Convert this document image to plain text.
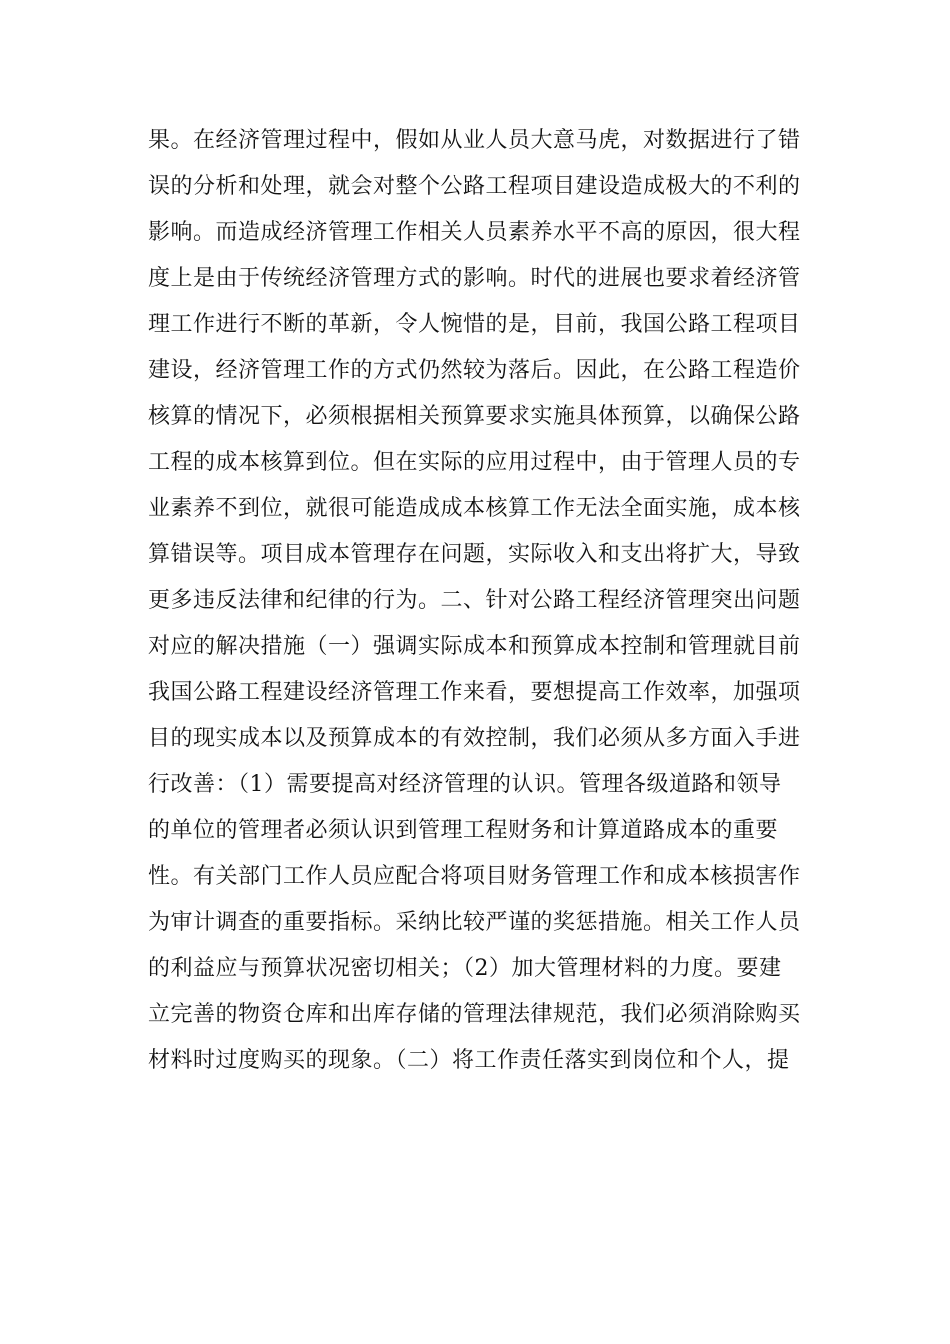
果。在经济管理过程中，假如从业人员大意马虎，对数据进行了错
误的分析和处理，就会对整个公路工程项目建设造成极大的不利的
影响。而造成经济管理工作相关人员素养水平不高的原因，很大程
度上是由于传统经济管理方式的影响。时代的进展也要求着经济管
理工作进行不断的革新，令人惋惜的是，目前，我国公路工程项目
建设，经济管理工作的方式仍然较为落后。因此，在公路工程造价
核算的情况下，必须根据相关预算要求实施具体预算，以确保公路
工程的成本核算到位。但在实际的应用过程中，由于管理人员的专
业素养不到位，就很可能造成成本核算工作无法全面实施，成本核
算错误等。项目成本管理存在问题，实际收入和支出将扩大，导致
更多违反法律和纪律的行为。二、针对公路工程经济管理突出问题
对应的解决措施（一）强调实际成本和预算成本控制和管理就目前
我国公路工程建设经济管理工作来看，要想提高工作效率，加强项
目的现实成本以及预算成本的有效控制，我们必须从多方面入手进
行改善：（1）需要提高对经济管理的认识。管理各级道路和领导
的单位的管理者必须认识到管理工程财务和计算道路成本的重要
性。有关部门工作人员应配合将项目财务管理工作和成本核损害作
为审计调查的重要指标。采纳比较严谨的奖惩措施。相关工作人员
的利益应与预算状况密切相关；（2）加大管理材料的力度。要建
立完善的物资仓库和出库存储的管理法律规范，我们必须消除购买
材料时过度购买的现象。（二）将工作责任落实到岗位和个人，提
